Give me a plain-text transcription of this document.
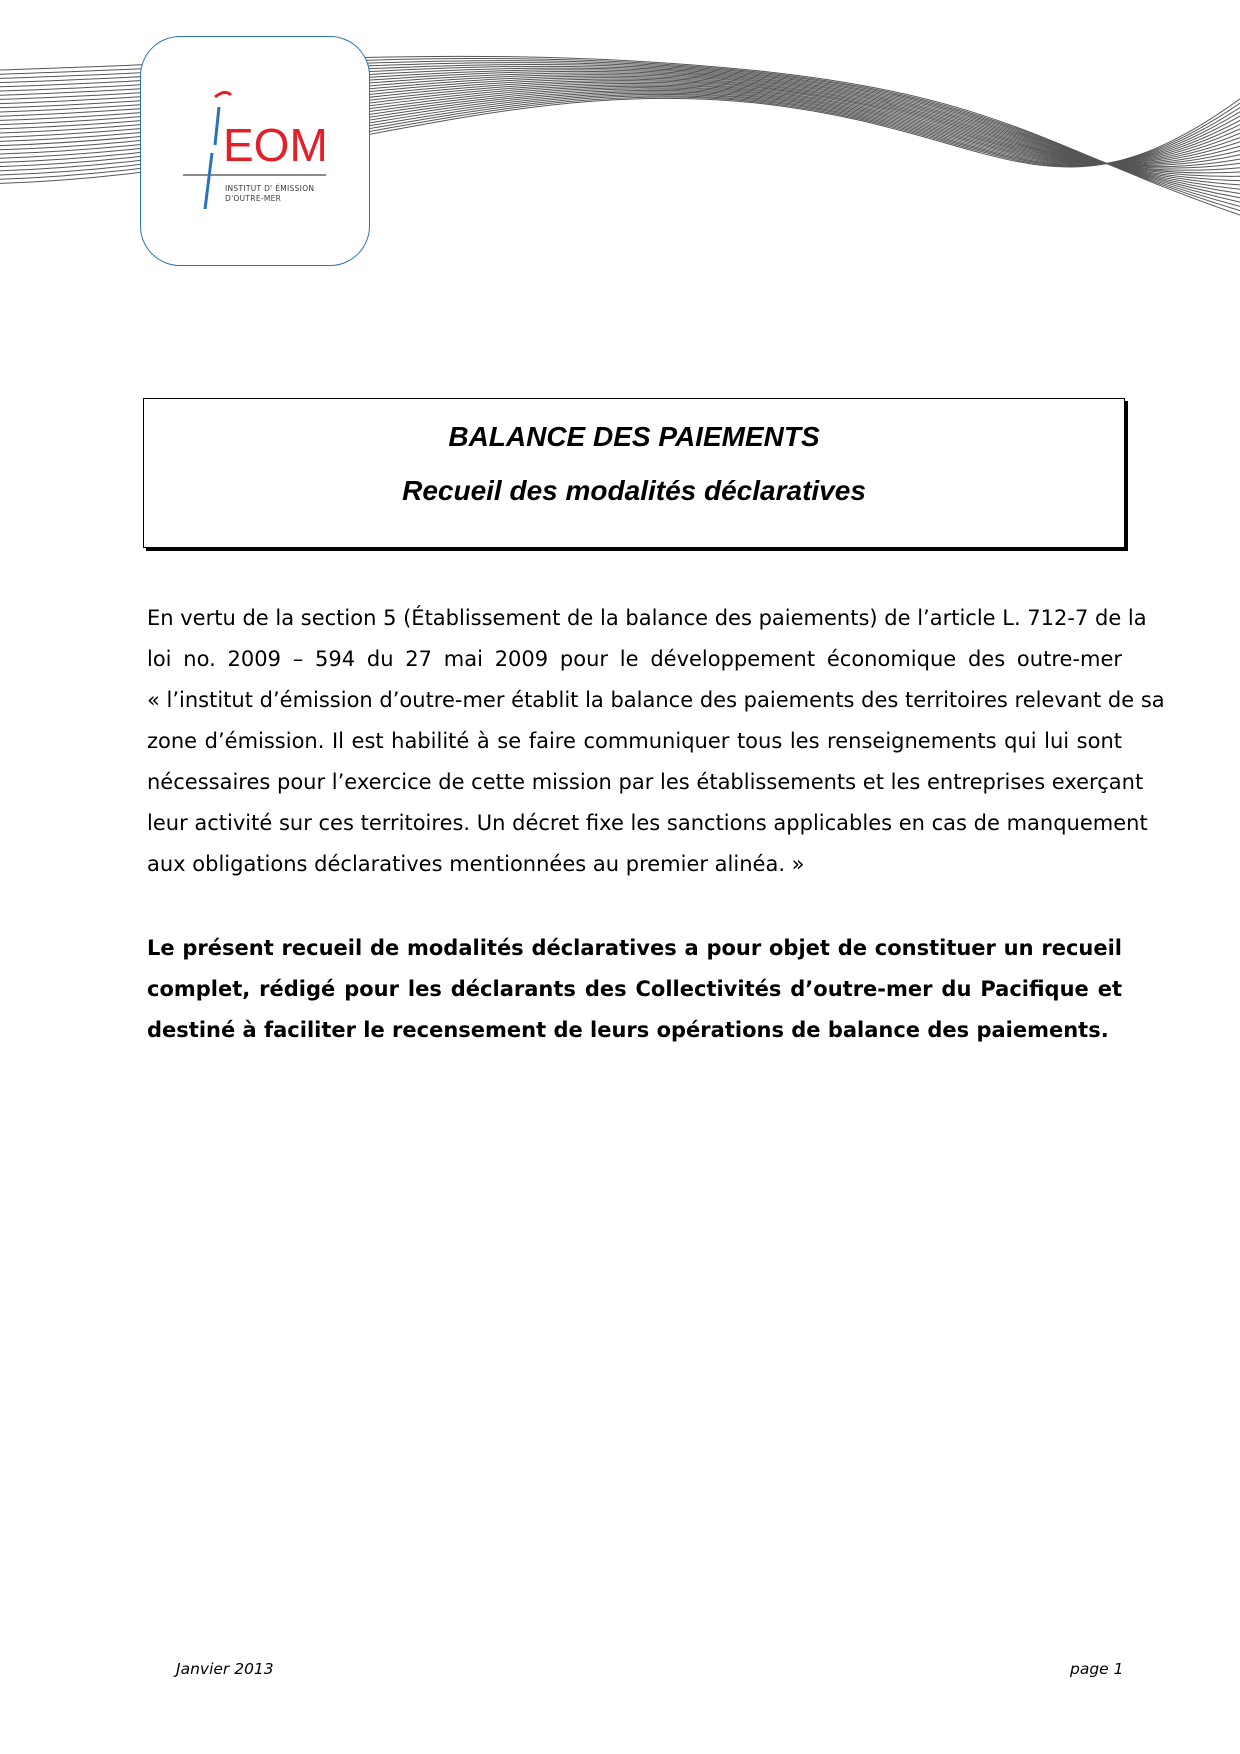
EOM
INSTITUT D' ÉMISSION
D'OUTRE-MER
BALANCE DES PAIEMENTS
Recueil des modalités déclaratives
En vertu de la section 5 (Établissement de la balance des paiements) de l’article L. 712-7 de la
loi no. 2009 – 594 du 27 mai 2009 pour le développement économique des outre-mer
« l’institut d’émission d’outre-mer établit la balance des paiements des territoires relevant de sa
zone d’émission. Il est habilité à se faire communiquer tous les renseignements qui lui sont
nécessaires pour l’exercice de cette mission par les établissements et les entreprises exerçant
leur activité sur ces territoires. Un décret fixe les sanctions applicables en cas de manquement
aux obligations déclaratives mentionnées au premier alinéa. »
Le présent recueil de modalités déclaratives a pour objet de constituer un recueil
complet, rédigé pour les déclarants des Collectivités d’outre-mer du Pacifique et
destiné à faciliter le recensement de leurs opérations de balance des paiements.
Janvier 2013	page 1
